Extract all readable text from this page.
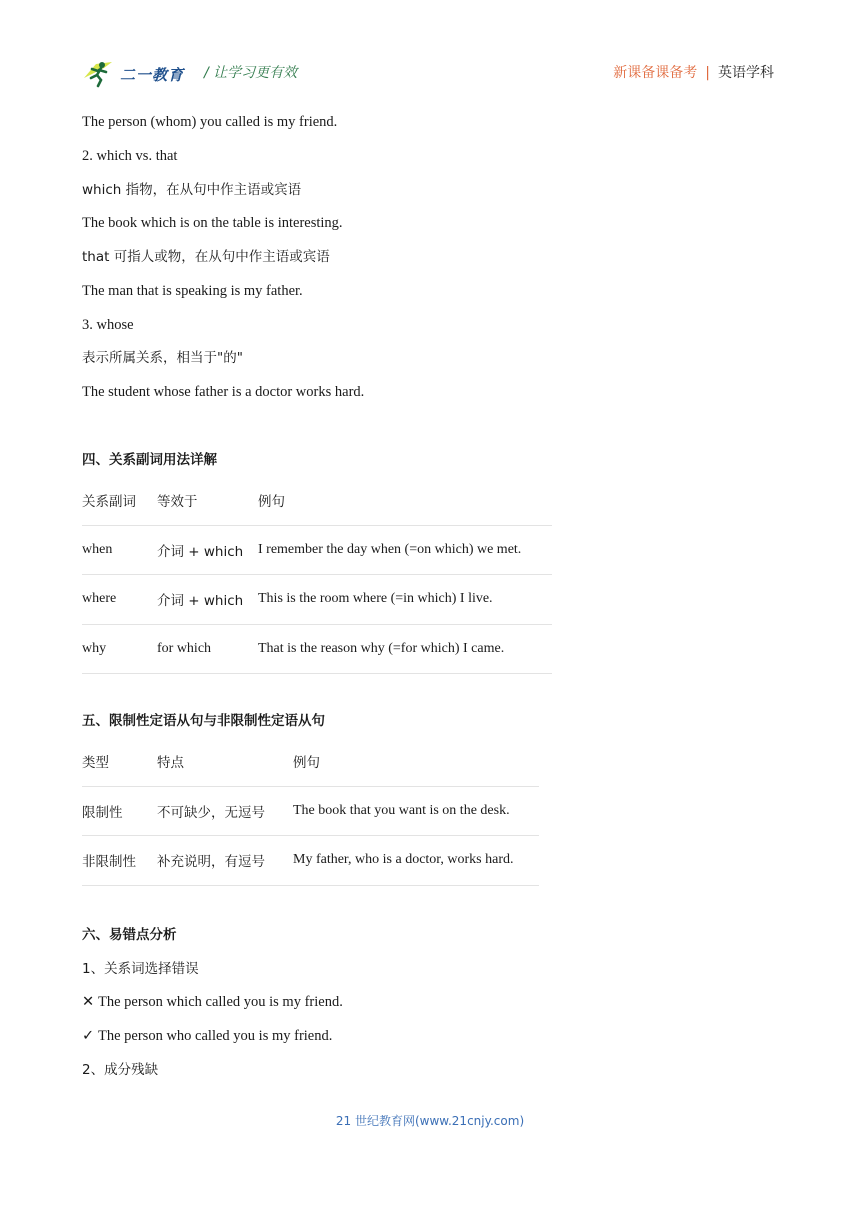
二一教育 / 让学习更有效	新课备课备考 | 英语学科
The person (whom) you called is my friend.
2. which vs. that
which 指物，在从句中作主语或宾语
The book which is on the table is interesting.
that 可指人或物，在从句中作主语或宾语
The man that is speaking is my father.
3. whose
表示所属关系，相当于"的"
The student whose father is a doctor works hard.
四、关系副词用法详解
关系副词	等效于	例句
when	介词 + which	I remember the day when (=on which) we met.
where	介词 + which	This is the room where (=in which) I live.
why	for which	That is the reason why (=for which) I came.
五、限制性定语从句与非限制性定语从句
类型	特点	例句
限制性	不可缺少，无逗号	The book that you want is on the desk.
非限制性	补充说明，有逗号	My father, who is a doctor, works hard.
六、易错点分析
1、关系词选择错误
✕ The person which called you is my friend.
✓ The person who called you is my friend.
2、成分残缺
21 世纪教育网(www.21cnjy.com)
